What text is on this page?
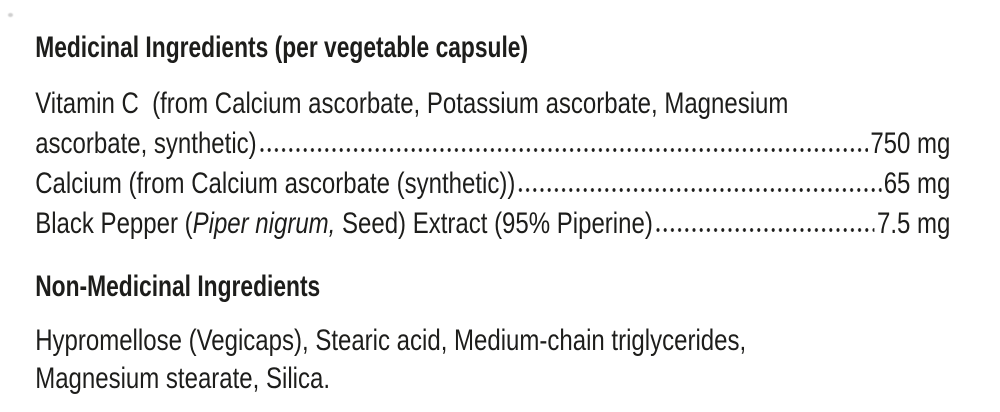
Medicinal Ingredients (per vegetable capsule)
Vitamin C  (from Calcium ascorbate, Potassium ascorbate, Magnesium
ascorbate, synthetic)	750 mg
Calcium (from Calcium ascorbate (synthetic))	65 mg
Black Pepper ( Piper nigrum, Seed) Extract (95% Piperine)	7.5 mg
Non-Medicinal Ingredients
Hypromellose (Vegicaps), Stearic acid, Medium-chain triglycerides,
Magnesium stearate, Silica.
